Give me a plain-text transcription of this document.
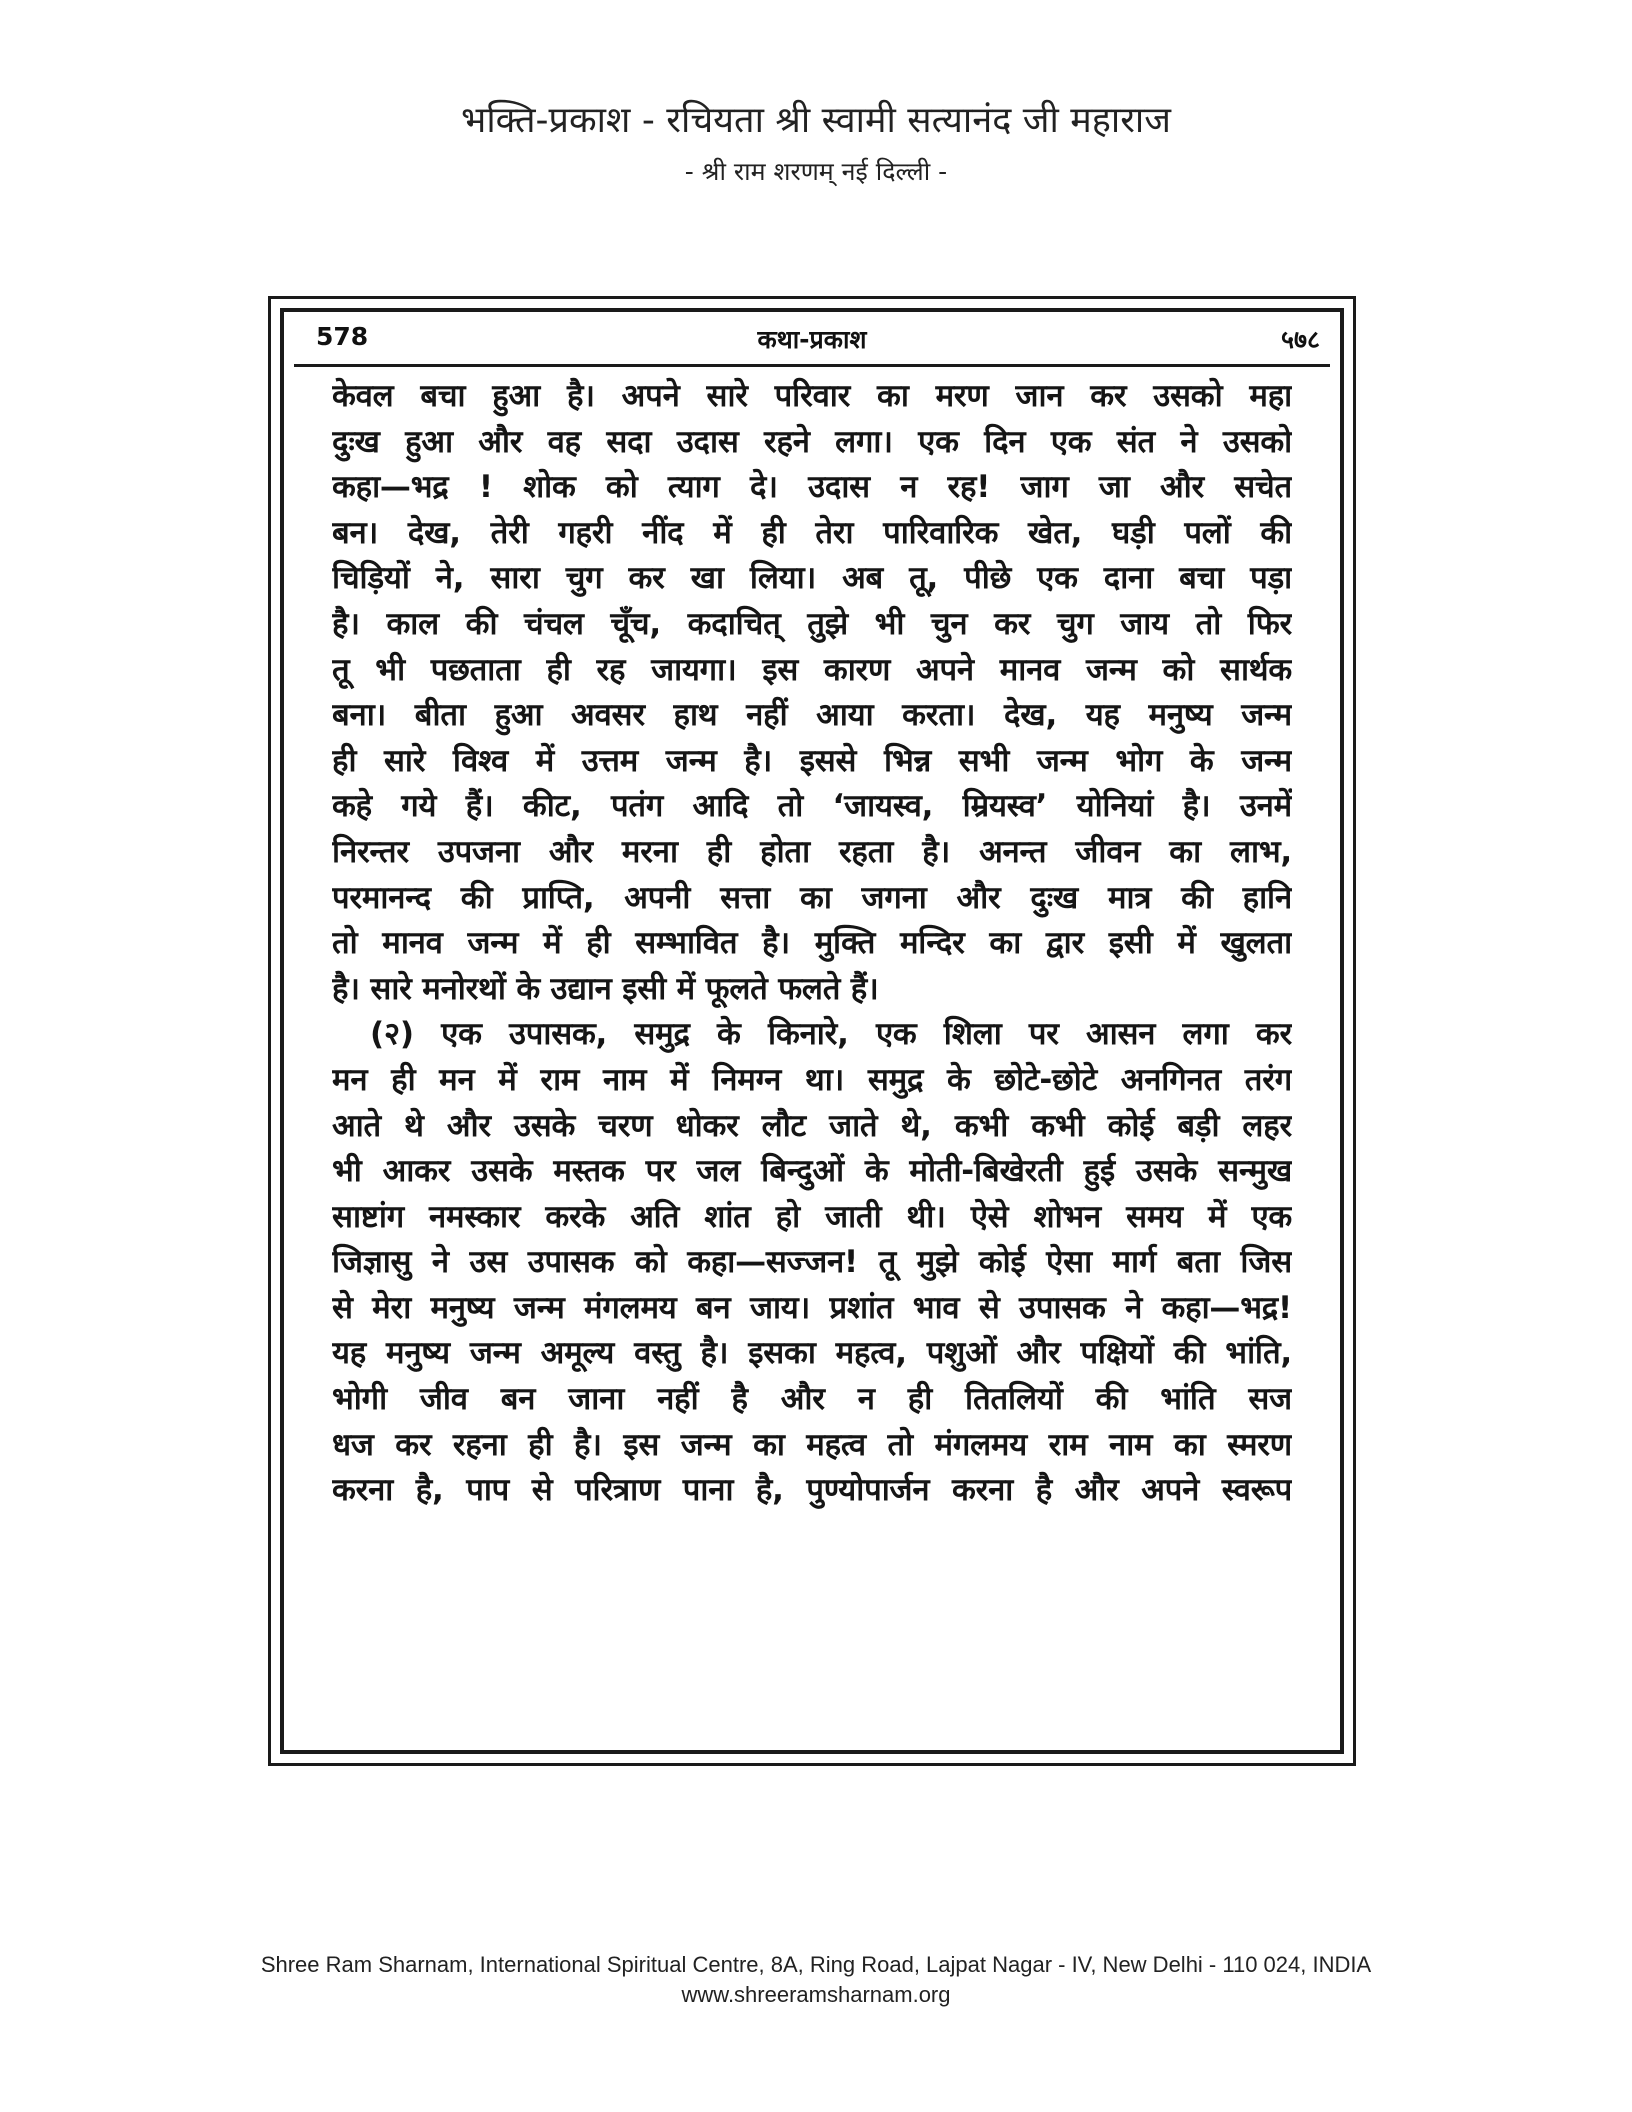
भक्ति-प्रकाश - रचियता श्री स्वामी सत्यानंद जी महाराज
- श्री राम शरणम् नई दिल्ली -
578	कथा-प्रकाश	५७८
केवल बचा हुआ है। अपने सारे परिवार का मरण जान कर उसको महा
दुःख हुआ और वह सदा उदास रहने लगा। एक दिन एक संत ने उसको
कहा—भद्र ! शोक को त्याग दे। उदास न रह! जाग जा और सचेत
बन। देख, तेरी गहरी नींद में ही तेरा पारिवारिक खेत, घड़ी पलों की
चिड़ियों ने, सारा चुग कर खा लिया। अब तू, पीछे एक दाना बचा पड़ा
है। काल की चंचल चूँच, कदाचित् तुझे भी चुन कर चुग जाय तो फिर
तू भी पछताता ही रह जायगा। इस कारण अपने मानव जन्म को सार्थक
बना। बीता हुआ अवसर हाथ नहीं आया करता। देख, यह मनुष्य जन्म
ही सारे विश्व में उत्तम जन्म है। इससे भिन्न सभी जन्म भोग के जन्म
कहे गये हैं। कीट, पतंग आदि तो ‘जायस्व, म्रियस्व’ योनियां है। उनमें
निरन्तर उपजना और मरना ही होता रहता है। अनन्त जीवन का लाभ,
परमानन्द की प्राप्ति, अपनी सत्ता का जगना और दुःख मात्र की हानि
तो मानव जन्म में ही सम्भावित है। मुक्ति मन्दिर का द्वार इसी में खुलता
है। सारे मनोरथों के उद्यान इसी में फूलते फलते हैं।
(२) एक उपासक, समुद्र के किनारे, एक शिला पर आसन लगा कर
मन ही मन में राम नाम में निमग्न था। समुद्र के छोटे-छोटे अनगिनत तरंग
आते थे और उसके चरण धोकर लौट जाते थे, कभी कभी कोई बड़ी लहर
भी आकर उसके मस्तक पर जल बिन्दुओं के मोती-बिखेरती हुई उसके सन्मुख
साष्टांग नमस्कार करके अति शांत हो जाती थी। ऐसे शोभन समय में एक
जिज्ञासु ने उस उपासक को कहा—सज्जन! तू मुझे कोई ऐसा मार्ग बता जिस
से मेरा मनुष्य जन्म मंगलमय बन जाय। प्रशांत भाव से उपासक ने कहा—भद्र!
यह मनुष्य जन्म अमूल्य वस्तु है। इसका महत्व, पशुओं और पक्षियों की भांति,
भोगी जीव बन जाना नहीं है और न ही तितलियों की भांति सज
धज कर रहना ही है। इस जन्म का महत्व तो मंगलमय राम नाम का स्मरण
करना है, पाप से परित्राण पाना है, पुण्योपार्जन करना है और अपने स्वरूप
Shree Ram Sharnam, International Spiritual Centre, 8A, Ring Road, Lajpat Nagar - IV, New Delhi - 110 024, INDIA
www.shreeramsharnam.org
